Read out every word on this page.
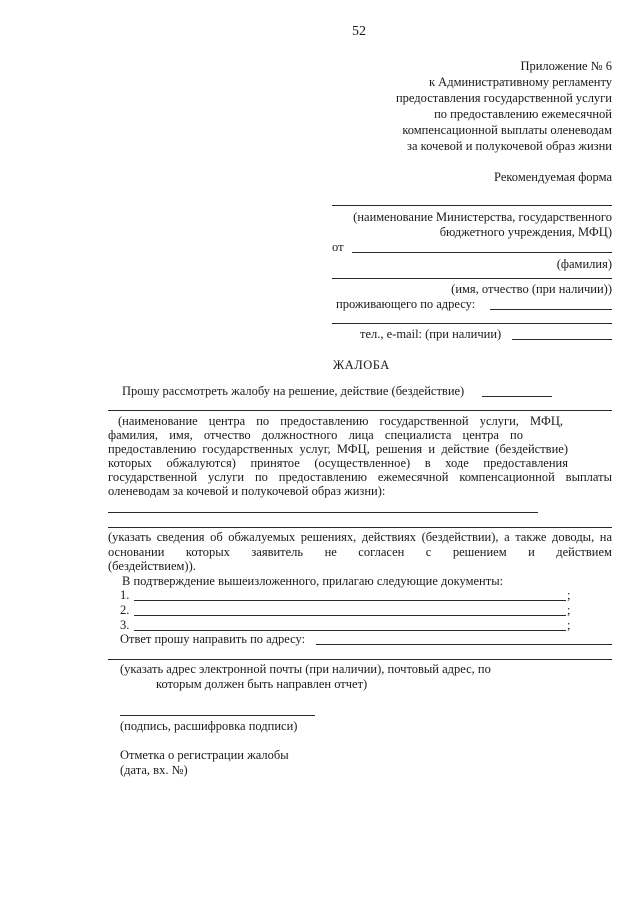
52
Приложение № 6
к Административному регламенту
предоставления государственной услуги
по предоставлению ежемесячной
компенсационной выплаты оленеводам
за кочевой и полукочевой образ жизни
Рекомендуемая форма
(наименование Министерства, государственного
бюджетного учреждения, МФЦ)
от
(фамилия)
(имя, отчество (при наличии))
проживающего по адресу:
тел., e-mail: (при наличии)
ЖАЛОБА
Прошу рассмотреть жалобу на решение, действие (бездействие)
(наименование центра по предоставлению государственной услуги, МФЦ,
фамилия, имя, отчество должностного лица специалиста центра по
предоставлению государственных услуг, МФЦ, решения и действие (бездействие)
которых обжалуются) принятое (осуществленное) в ходе предоставления
государственной услуги по предоставлению ежемесячной компенсационной выплаты
оленеводам за кочевой и полукочевой образ жизни):
(указать сведения об обжалуемых решениях, действиях (бездействии), а также доводы, на
основании которых заявитель не согласен с решением и действием
(бездействием)).
В подтверждение вышеизложенного, прилагаю следующие документы:
1.	;
2.	;
3.	;
Ответ прошу направить по адресу:
(указать адрес электронной почты (при наличии), почтовый адрес, по
которым должен быть направлен отчет)
(подпись, расшифровка подписи)
Отметка о регистрации жалобы
(дата, вх. №)
